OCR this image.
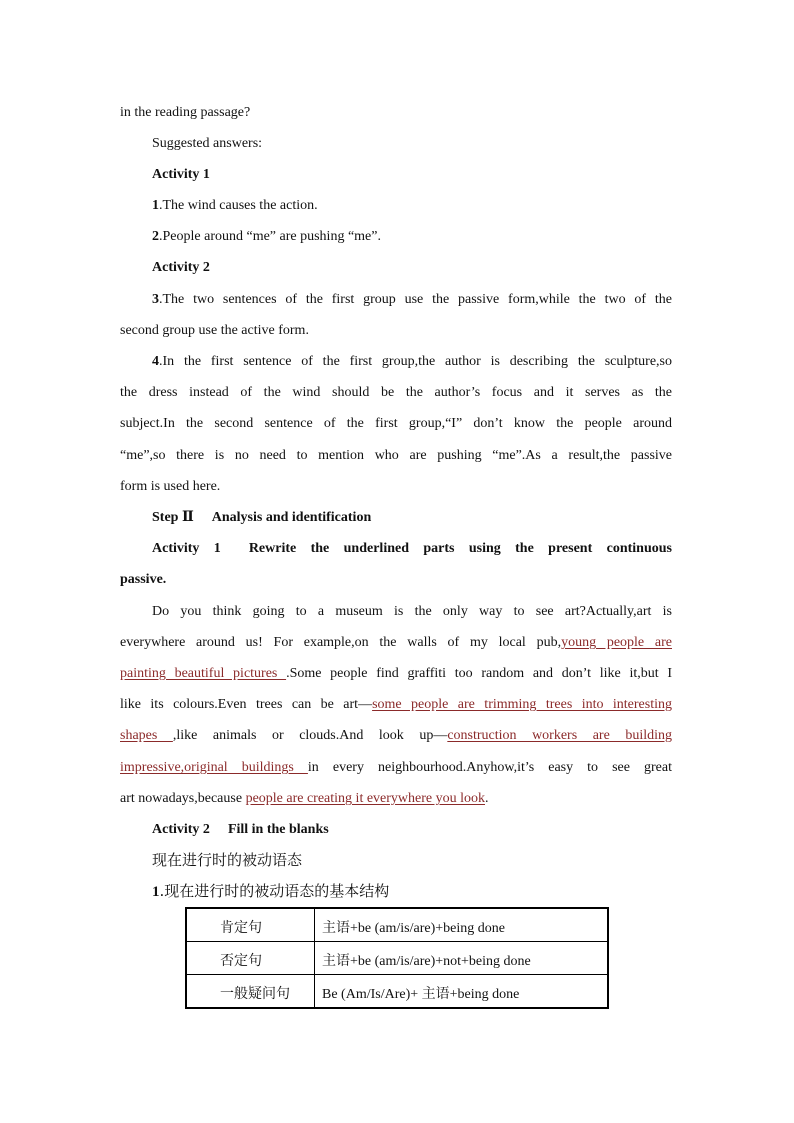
in the reading passage?
Suggested answers:
Activity 1
1.The wind causes the action.
2.People around “me” are pushing “me”.
Activity 2
3.The two sentences of the first group use the passive form,while the two of the
second group use the active form.
4.In the first sentence of the first group,the author is describing the sculpture,so
the dress instead of the wind should be the author’s focus and it serves as the
subject.In the second sentence of the first group,“I” don’t know the people around
“me”,so there is no need to mention who are pushing “me”.As a result,the passive
form is used here.
Step Ⅱ Analysis and identification
Activity 1 Rewrite the underlined parts using the present continuous
passive.
Do you think going to a museum is the only way to see art?Actually,art is
everywhere around us! For example,on the walls of my local pub,young people are
painting beautiful pictures .Some people find graffiti too random and don’t like it,but I
like its colours.Even trees can be art—some people are trimming trees into interesting
shapes ,like animals or clouds.And look up—construction workers are building
impressive,original buildings in every neighbourhood.Anyhow,it’s easy to see great
art nowadays,because people are creating it everywhere you look.
Activity 2 Fill in the blanks
现在进行时的被动语态
1.现在进行时的被动语态的基本结构
肯定句	主语+be (am/is/are)+being done
否定句	主语+be (am/is/are)+not+being done
一般疑问句 Be (Am/Is/Are)+ 主语+being done
